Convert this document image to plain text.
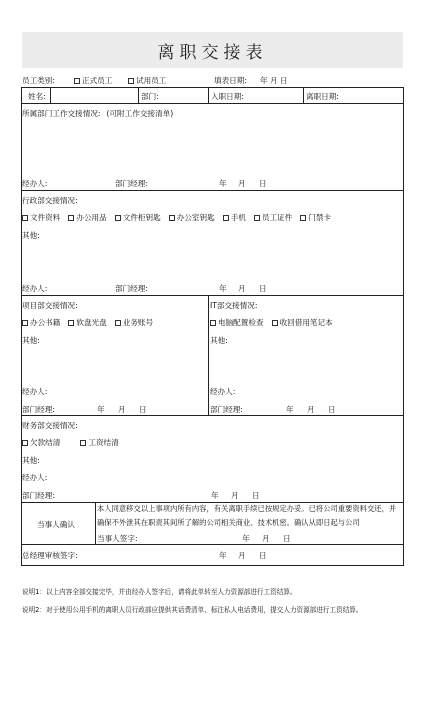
离职交接表
员工类别:	正式员工	试用员工	填表日期: 年 月 日
姓名:	部门:	入职日期:	离职日期:
所属部门工作交接情况: (可附工作交接清单)
经办人:	部门经理:	年 月 日
行政部交接情况:
文件资料	办公用品	文件柜钥匙	办公室钥匙	手机	员工证件	门禁卡
其他:
经办人:	部门经理:	年 月 日
项目部交接情况:
办公书籍	软盘光盘	业务账号
其他:
经办人:
部门经理:	年 月 日
IT部交接情况:
电脑配置检查	收回借用笔记本
其他:
经办人:
部门经理:	年 月 日
财务部交接情况:
欠款结清	工资结清
其他:
经办人:
部门经理:	年 月 日
当事人确认
本人同意移交以上事项内所有内容，有关离职手续已按规定办妥。已将公司重要资料交还，并确保不外泄其在职责其间所了解的公司相关商业、技术机密。确认从即日起与公司
当事人签字:	年 月 日
总经理审核签字:	年 月 日
说明1：以上内容全部交接完毕，并由经办人签字后，请将此单转至人力资源部进行工资结算。
说明2：对于使用公用手机的离职人员行政部应提供其话费清单、标注私人电话费用，提交人力资源部进行工资结算。
